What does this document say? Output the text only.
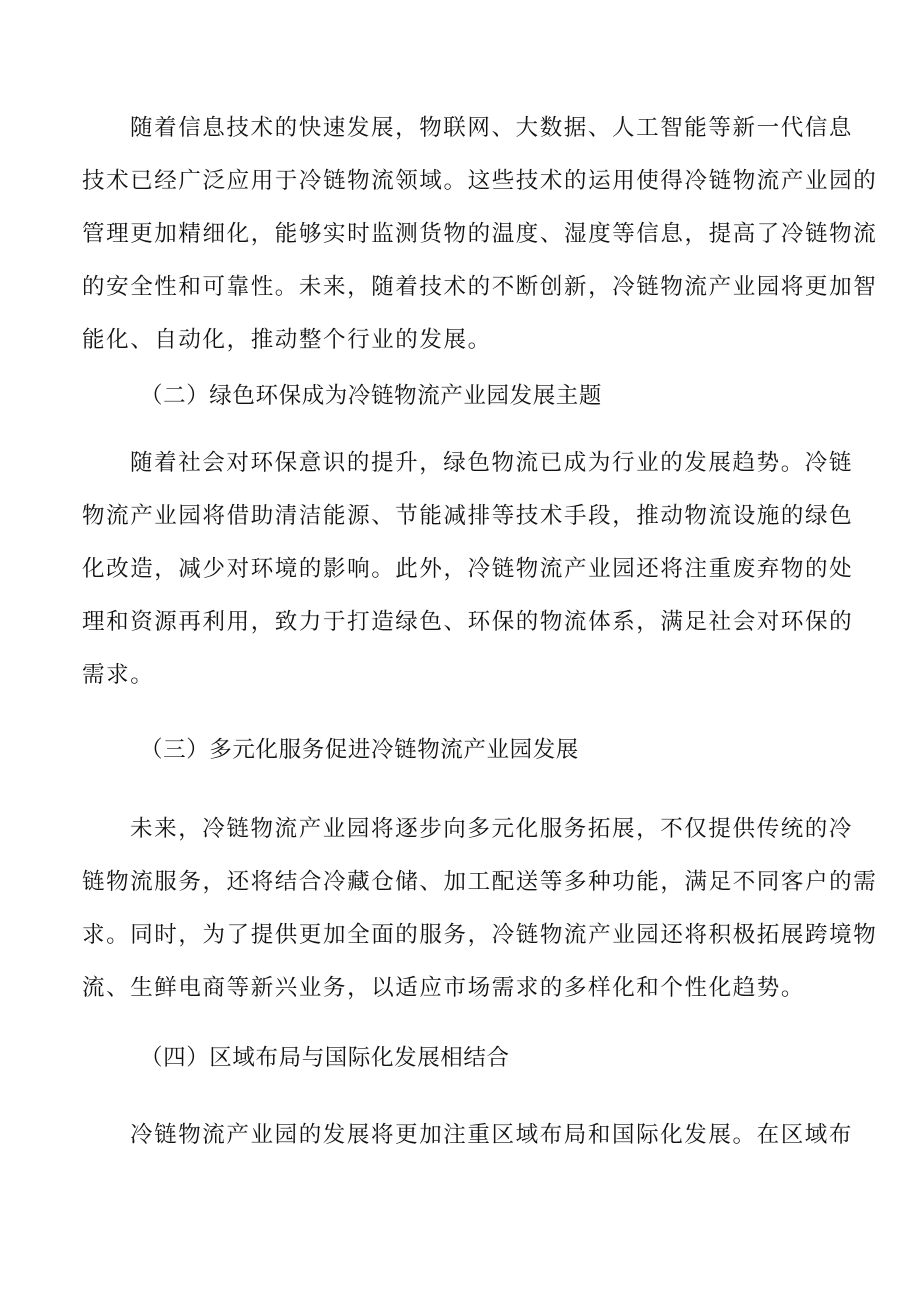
随着信息技术的快速发展，物联网、大数据、人工智能等新一代信息
技术已经广泛应用于冷链物流领域。这些技术的运用使得冷链物流产业园的
管理更加精细化，能够实时监测货物的温度、湿度等信息，提高了冷链物流
的安全性和可靠性。未来，随着技术的不断创新，冷链物流产业园将更加智
能化、自动化，推动整个行业的发展。
（二）绿色环保成为冷链物流产业园发展主题
随着社会对环保意识的提升，绿色物流已成为行业的发展趋势。冷链
物流产业园将借助清洁能源、节能减排等技术手段，推动物流设施的绿色
化改造，减少对环境的影响。此外，冷链物流产业园还将注重废弃物的处
理和资源再利用，致力于打造绿色、环保的物流体系，满足社会对环保的
需求。
（三）多元化服务促进冷链物流产业园发展
未来，冷链物流产业园将逐步向多元化服务拓展，不仅提供传统的冷
链物流服务，还将结合冷藏仓储、加工配送等多种功能，满足不同客户的需
求。同时，为了提供更加全面的服务，冷链物流产业园还将积极拓展跨境物
流、生鲜电商等新兴业务，以适应市场需求的多样化和个性化趋势。
（四）区域布局与国际化发展相结合
冷链物流产业园的发展将更加注重区域布局和国际化发展。在区域布
